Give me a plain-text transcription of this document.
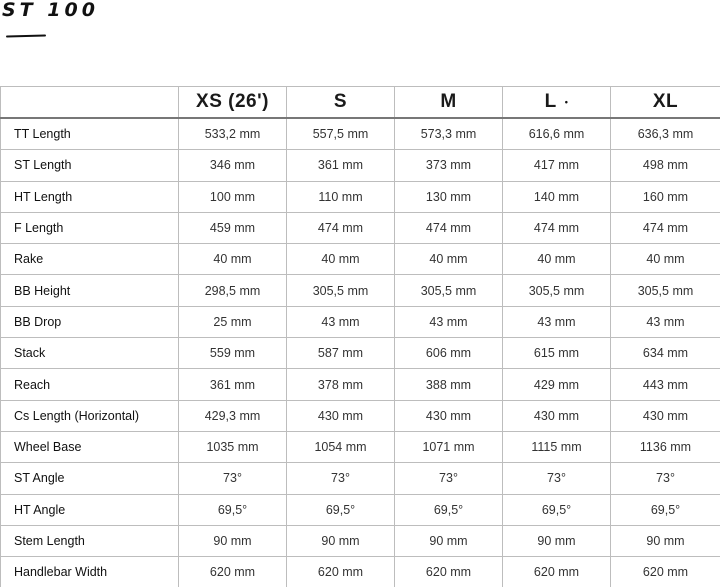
ST 100
	XS (26')	S	M	L •	XL
TT Length	533,2 mm	557,5 mm	573,3 mm	616,6 mm	636,3 mm
ST Length	346 mm	361 mm	373 mm	417 mm	498 mm
HT Length	100 mm	110 mm	130 mm	140 mm	160 mm
F Length	459 mm	474 mm	474 mm	474 mm	474 mm
Rake	40 mm	40 mm	40 mm	40 mm	40 mm
BB Height	298,5 mm	305,5 mm	305,5 mm	305,5 mm	305,5 mm
BB Drop	25 mm	43 mm	43 mm	43 mm	43 mm
Stack	559 mm	587 mm	606 mm	615 mm	634 mm
Reach	361 mm	378 mm	388 mm	429 mm	443 mm
Cs Length (Horizontal)	429,3 mm	430 mm	430 mm	430 mm	430 mm
Wheel Base	1035 mm	1054 mm	1071 mm	1115 mm	1136 mm
ST Angle	73°	73°	73°	73°	73°
HT Angle	69,5°	69,5°	69,5°	69,5°	69,5°
Stem Length	90 mm	90 mm	90 mm	90 mm	90 mm
Handlebar Width	620 mm	620 mm	620 mm	620 mm	620 mm
